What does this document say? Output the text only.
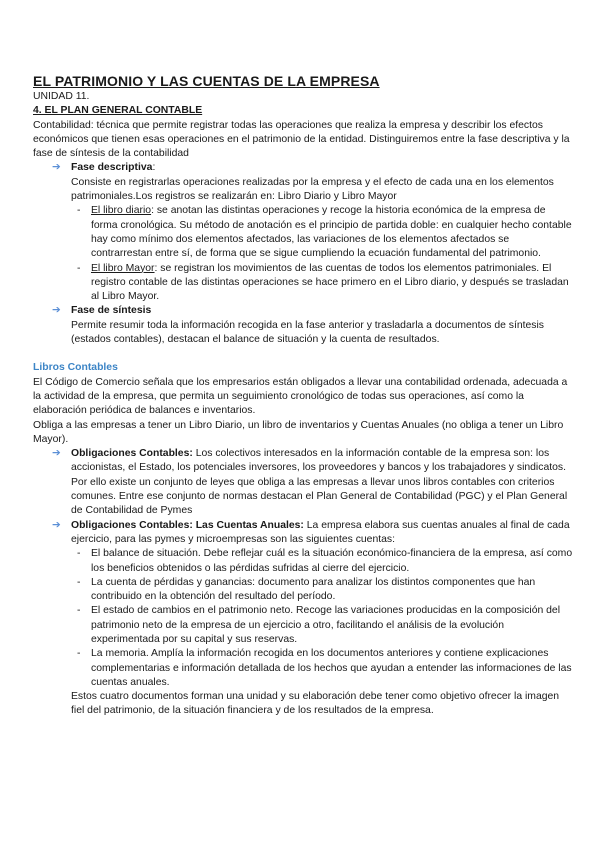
EL PATRIMONIO Y LAS CUENTAS DE LA EMPRESA

UNIDAD 11.

4. EL PLAN GENERAL CONTABLE

Contabilidad: técnica que permite registrar todas las operaciones que realiza la empresa y describir los efectos económicos que tienen esas operaciones en el patrimonio de la entidad. Distinguiremos entre la fase descriptiva y la fase de síntesis de la contabilidad

➔ Fase descriptiva:

Consiste en registrarlas operaciones realizadas por la empresa y el efecto de cada una en los elementos patrimoniales.Los registros se realizarán en: Libro Diario y Libro Mayor

- El libro diario: se anotan las distintas operaciones y recoge la historia económica de la empresa de forma cronológica. Su método de anotación es el principio de partida doble: en cualquier hecho contable hay como mínimo dos elementos afectados, las variaciones de los elementos afectados se contrarrestan entre sí, de forma que se sigue cumpliendo la ecuación fundamental del patrimonio.

- El libro Mayor: se registran los movimientos de las cuentas de todos los elementos patrimoniales. El registro contable de las distintas operaciones se hace primero en el Libro diario, y después se trasladan al Libro Mayor.

➔ Fase de síntesis

Permite resumir toda la información recogida en la fase anterior y trasladarla a documentos de síntesis (estados contables), destacan el balance de situación y la cuenta de resultados.

Libros Contables

El Código de Comercio señala que los empresarios están obligados a llevar una contabilidad ordenada, adecuada a la actividad de la empresa, que permita un seguimiento cronológico de todas sus operaciones, así como la elaboración periódica de balances e inventarios.

Obliga a las empresas a tener un Libro Diario, un libro de inventarios y Cuentas Anuales (no obliga a tener un Libro Mayor).

➔ Obligaciones Contables: Los colectivos interesados en la información contable de la empresa son: los accionistas, el Estado, los potenciales inversores, los proveedores y bancos y los trabajadores y sindicatos. Por ello existe un conjunto de leyes que obliga a las empresas a llevar unos libros contables con criterios comunes. Entre ese conjunto de normas destacan el Plan General de Contabilidad (PGC) y el Plan General de Contabilidad de Pymes

➔ Obligaciones Contables: Las Cuentas Anuales: La empresa elabora sus cuentas anuales al final de cada ejercicio, para las pymes y microempresas son las siguientes cuentas:

- El balance de situación. Debe reflejar cuál es la situación económico-financiera de la empresa, así como los beneficios obtenidos o las pérdidas sufridas al cierre del ejercicio.

- La cuenta de pérdidas y ganancias: documento para analizar los distintos componentes que han contribuido en la obtención del resultado del período.

- El estado de cambios en el patrimonio neto. Recoge las variaciones producidas en la composición del patrimonio neto de la empresa de un ejercicio a otro, facilitando el análisis de la evolución experimentada por su capital y sus reservas.

- La memoria. Amplía la información recogida en los documentos anteriores y contiene explicaciones complementarias e información detallada de los hechos que ayudan a entender las informaciones de las cuentas anuales.

Estos cuatro documentos forman una unidad y su elaboración debe tener como objetivo ofrecer la imagen fiel del patrimonio, de la situación financiera y de los resultados de la empresa.
